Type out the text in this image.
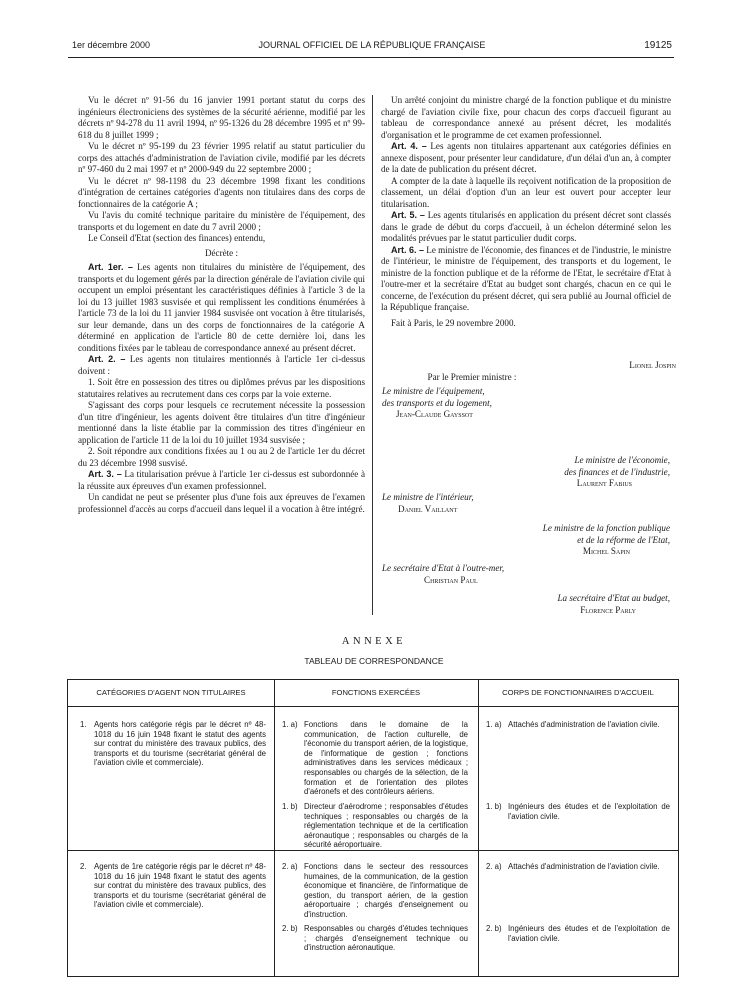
1er décembre 2000	JOURNAL OFFICIEL DE LA RÉPUBLIQUE FRANÇAISE	19125

Vu le décret nº 91-56 du 16 janvier 1991 portant statut du corps des ingénieurs électroniciens des systèmes de la sécurité aérienne, modifié par les décrets nº 94-278 du 11 avril 1994, nº 95-1326 du 28 décembre 1995 et nº 99-618 du 8 juillet 1999 ;

Vu le décret nº 95-199 du 23 février 1995 relatif au statut particulier du corps des attachés d'administration de l'aviation civile, modifié par les décrets nº 97-460 du 2 mai 1997 et nº 2000-949 du 22 septembre 2000 ;

Vu le décret nº 98-1198 du 23 décembre 1998 fixant les conditions d'intégration de certaines catégories d'agents non titulaires dans des corps de fonctionnaires de la catégorie A ;

Vu l'avis du comité technique paritaire du ministère de l'équipement, des transports et du logement en date du 7 avril 2000 ;

Le Conseil d'Etat (section des finances) entendu,

Décrète :

Art. 1er. – Les agents non titulaires du ministère de l'équipement, des transports et du logement gérés par la direction générale de l'aviation civile qui occupent un emploi présentant les caractéristiques définies à l'article 3 de la loi du 13 juillet 1983 susvisée et qui remplissent les conditions énumérées à l'article 73 de la loi du 11 janvier 1984 susvisée ont vocation à être titularisés, sur leur demande, dans un des corps de fonctionnaires de la catégorie A déterminé en application de l'article 80 de cette dernière loi, dans les conditions fixées par le tableau de correspondance annexé au présent décret.

Art. 2. – Les agents non titulaires mentionnés à l'article 1er ci-dessus doivent :

1. Soit être en possession des titres ou diplômes prévus par les dispositions statutaires relatives au recrutement dans ces corps par la voie externe.

S'agissant des corps pour lesquels ce recrutement nécessite la possession d'un titre d'ingénieur, les agents doivent être titulaires d'un titre d'ingénieur mentionné dans la liste établie par la commission des titres d'ingénieur en application de l'article 11 de la loi du 10 juillet 1934 susvisée ;

2. Soit répondre aux conditions fixées au 1 ou au 2 de l'article 1er du décret du 23 décembre 1998 susvisé.

Art. 3. – La titularisation prévue à l'article 1er ci-dessus est subordonnée à la réussite aux épreuves d'un examen professionnel.

Un candidat ne peut se présenter plus d'une fois aux épreuves de l'examen professionnel d'accès au corps d'accueil dans lequel il a vocation à être intégré.

Un arrêté conjoint du ministre chargé de la fonction publique et du ministre chargé de l'aviation civile fixe, pour chacun des corps d'accueil figurant au tableau de correspondance annexé au présent décret, les modalités d'organisation et le programme de cet examen professionnel.

Art. 4. – Les agents non titulaires appartenant aux catégories définies en annexe disposent, pour présenter leur candidature, d'un délai d'un an, à compter de la date de publication du présent décret.

A compter de la date à laquelle ils reçoivent notification de la proposition de classement, un délai d'option d'un an leur est ouvert pour accepter leur titularisation.

Art. 5. – Les agents titularisés en application du présent décret sont classés dans le grade de début du corps d'accueil, à un échelon déterminé selon les modalités prévues par le statut particulier dudit corps.

Art. 6. – Le ministre de l'économie, des finances et de l'industrie, le ministre de l'intérieur, le ministre de l'équipement, des transports et du logement, le ministre de la fonction publique et de la réforme de l'Etat, le secrétaire d'Etat à l'outre-mer et la secrétaire d'Etat au budget sont chargés, chacun en ce qui le concerne, de l'exécution du présent décret, qui sera publié au Journal officiel de la République française.

Fait à Paris, le 29 novembre 2000.

Lionel Jospin
Par le Premier ministre :
Le ministre de l'équipement,
des transports et du logement,
Jean-Claude Gayssot
Le ministre de l'économie,
des finances et de l'industrie,
Laurent Fabius
Le ministre de l'intérieur,
Daniel Vaillant
Le ministre de la fonction publique
et de la réforme de l'Etat,
Michel Sapin
Le secrétaire d'Etat à l'outre-mer,
Christian Paul
La secrétaire d'Etat au budget,
Florence Parly
ANNEXE
TABLEAU DE CORRESPONDANCE
CATÉGORIES D'AGENT NON TITULAIRES	FONCTIONS EXERCÉES	CORPS DE FONCTIONNAIRES D'ACCUEIL
1. Agents hors catégorie régis par le décret nº 48-1018 du 16 juin 1948 fixant le statut des agents sur contrat du ministère des travaux publics, des transports et du tourisme (secrétariat général de l'aviation civile et commerciale).
1. a) Fonctions dans le domaine de la communication, de l'action culturelle, de l'économie du transport aérien, de la logistique, de l'informatique de gestion ; fonctions administratives dans les services médicaux ; responsables ou chargés de la sélection, de la formation et de l'orientation des pilotes d'aéronefs et des contrôleurs aériens.
1. a) Attachés d'administration de l'aviation civile.
1. b) Directeur d'aérodrome ; responsables d'études techniques ; responsables ou chargés de la réglementation technique et de la certification aéronautique ; responsables ou chargés de la sécurité aéroportuaire.
1. b) Ingénieurs des études et de l'exploitation de l'aviation civile.
2. Agents de 1re catégorie régis par le décret nº 48-1018 du 16 juin 1948 fixant le statut des agents sur contrat du ministère des travaux publics, des transports et du tourisme (secrétariat général de l'aviation civile et commerciale).
2. a) Fonctions dans le secteur des ressources humaines, de la communication, de la gestion économique et financière, de l'informatique de gestion, du transport aérien, de la gestion aéroportuaire ; chargés d'enseignement ou d'instruction.
2. a) Attachés d'administration de l'aviation civile.
2. b) Responsables ou chargés d'études techniques ; chargés d'enseignement technique ou d'instruction aéronautique.
2. b) Ingénieurs des études et de l'exploitation de l'aviation civile.
